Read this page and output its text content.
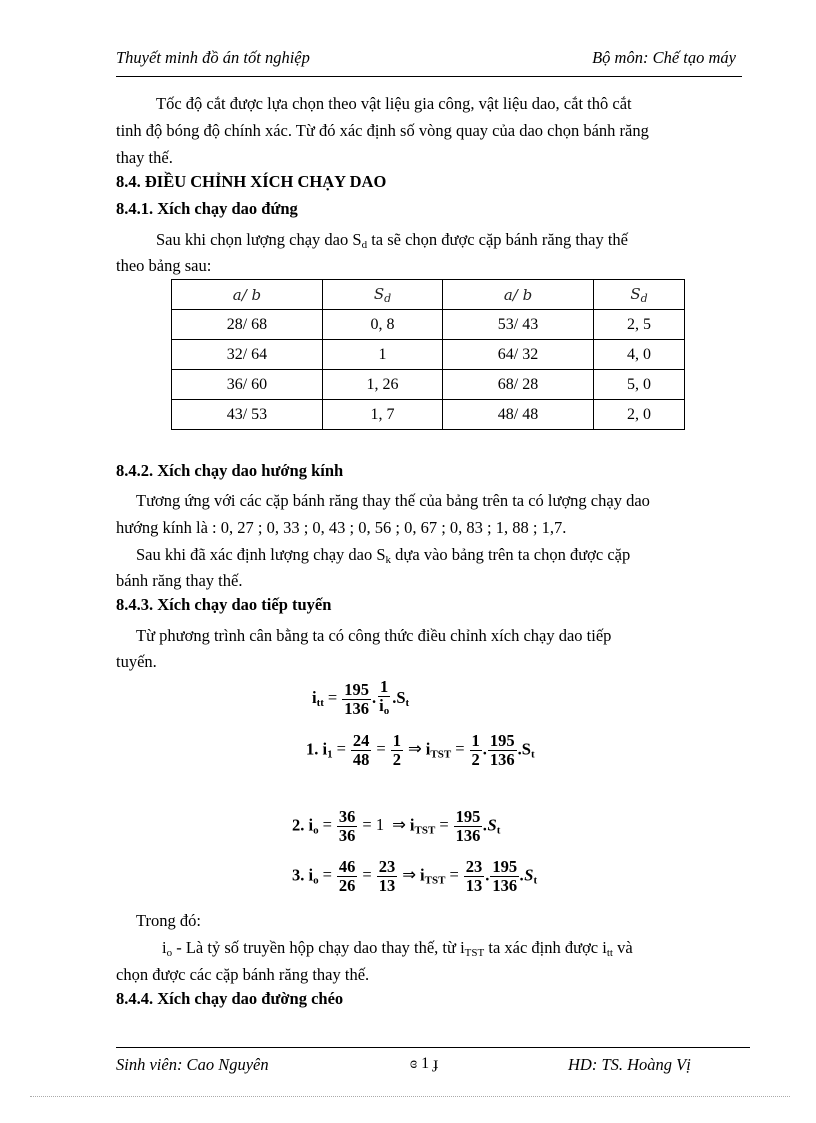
Thuyết minh đồ án tốt nghiệp	Bộ môn: Chế tạo máy
Tốc độ cắt được lựa chọn theo vật liệu gia công, vật liệu dao, cắt thô cắt
tinh độ bóng độ chính xác. Từ đó xác định số vòng quay của dao chọn bánh răng
thay thế.
8.4. ĐIỀU CHỈNH XÍCH CHẠY DAO
8.4.1. Xích chạy dao đứng
Sau khi chọn lượng chạy dao $S_d$ ta sẽ chọn được cặp bánh răng thay thế
theo bảng sau:
a/ b	$S_d$	a/ b	$S_d$
28/ 68	0, 8	53/ 43	2, 5
32/ 64	1	64/ 32	4, 0
36/ 60	1, 26	68/ 28	5, 0
43/ 53	1, 7	48/ 48	2, 0
8.4.2. Xích chạy dao hướng kính
Tương ứng với các cặp bánh răng thay thế của bảng trên ta có lượng chạy dao
hướng kính là : 0, 27 ; 0, 33 ; 0, 43 ; 0, 56 ; 0, 67 ; 0, 83 ; 1, 88 ; 1,7.
Sau khi đã xác định lượng chạy dao $S_k$ dựa vào bảng trên ta chọn được cặp
bánh răng thay thế.
8.4.3. Xích chạy dao tiếp tuyến
Từ phương trình cân bằng ta có công thức điều chỉnh xích chạy dao tiếp
tuyến.
$i_{tt} = \frac{195}{136}$ . $\frac{1}{i_o} .S_t$
1. $i_1 = \frac{24}{48} = \frac{1}{2}$ ⇒ $i_{TST} = \frac{1}{2}$ . $\frac{195}{136} .S_t$
2. $i_o = \frac{36}{36} = 1$ ⇒ $i_{TST} = \frac{195}{136} .S_t$
3. $i_o = \frac{46}{26} = \frac{23}{13}$ ⇒ $i_{TST} = \frac{23}{13}$ . $\frac{195}{136} .S_t$
Trong đó:
$i_o$ - Là tỷ số truyền hộp chạy dao thay thế, từ $i_{TST}$ ta xác định được $i_{tt}$ và
chọn được các cặp bánh răng thay thế.
8.4.4. Xích chạy dao đường chéo
Sinh viên: Cao Nguyên	ɞ 1 ɟ	HD: TS. Hoàng Vị
